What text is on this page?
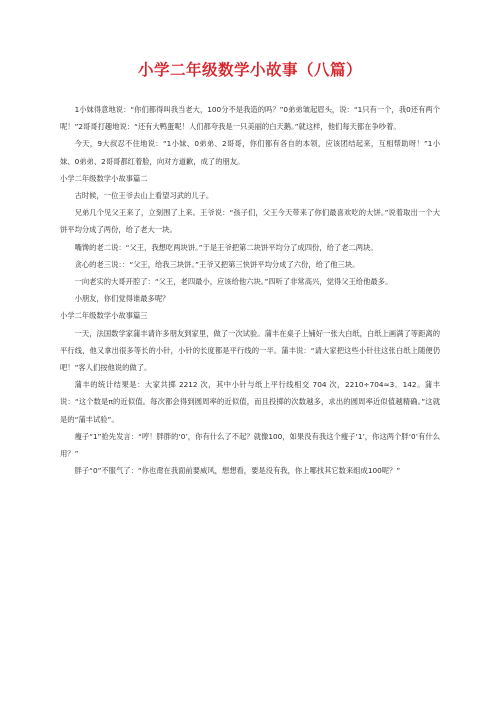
小学二年级数学小故事（八篇）

1小妹得意地说：“你们都得叫我当老大，100分不是我造的吗？”0弟弟皱起眉头，说：“1只有一个，我0还有两个呢！”2哥哥打趣地说：“还有大鸭蛋呢！人们都夸我是一只美丽的白天鹅。”就这样，他们每天都在争吵着。

今天，9大叔忍不住地说：“1小妹、0弟弟、2哥哥，你们都有各自的本领，应该团结起来，互相帮助呀！”1小妹、0弟弟、2哥哥都红着脸，向对方道歉，成了的朋友。

小学二年级数学小故事篇二

古时候，一位王爷去山上看望习武的儿子。

兄弟几个见父王来了，立刻围了上来。王爷说：“孩子们，父王今天带来了你们最喜欢吃的大饼。”说着取出一个大饼平均分成了两份，给了老大一块。

嘴馋的老二说：“父王，我想吃两块饼。”于是王爷把第二块饼平均分了成四份，给了老二两块。

贪心的老三说：：“父王，给我三块饼。”王爷又把第三快饼平均分成了六份，给了他三块。

一向老实的大哥开腔了：“父王，老四最小，应该给他六块。”四听了非常高兴，觉得父王给他最多。

小朋友，你们觉得谁最多呢？

小学二年级数学小故事篇三

一天，法国数学家蒲丰请许多朋友到家里，做了一次试验。蒲丰在桌子上铺好一张大白纸，白纸上画满了等距离的平行线，他又拿出很多等长的小针，小针的长度都是平行线的一半。蒲丰说：“请大家把这些小针往这张白纸上随便仍吧！”客人们按他说的做了。

蒲丰的统计结果是：大家共掷 2212 次，其中小针与纸上平行线相交 704 次，2210÷704≈3．142。蒲丰说：“这个数是π的近似值。每次都会得到圆周率的近似值，而且投掷的次数越多，求出的圆周率近似值越精确。”这就是的“蒲丰试验”。

瘦子“1”抢先发言：“哼！胖胖的‘0’，你有什么了不起？就像100，如果没有我这个瘦子‘1’，你这两个胖‘0’有什么用？”

胖子“0”不服气了：“你也甭在我面前要威风，想想看，要是没有我，你上哪找其它数来组成100呢？”
